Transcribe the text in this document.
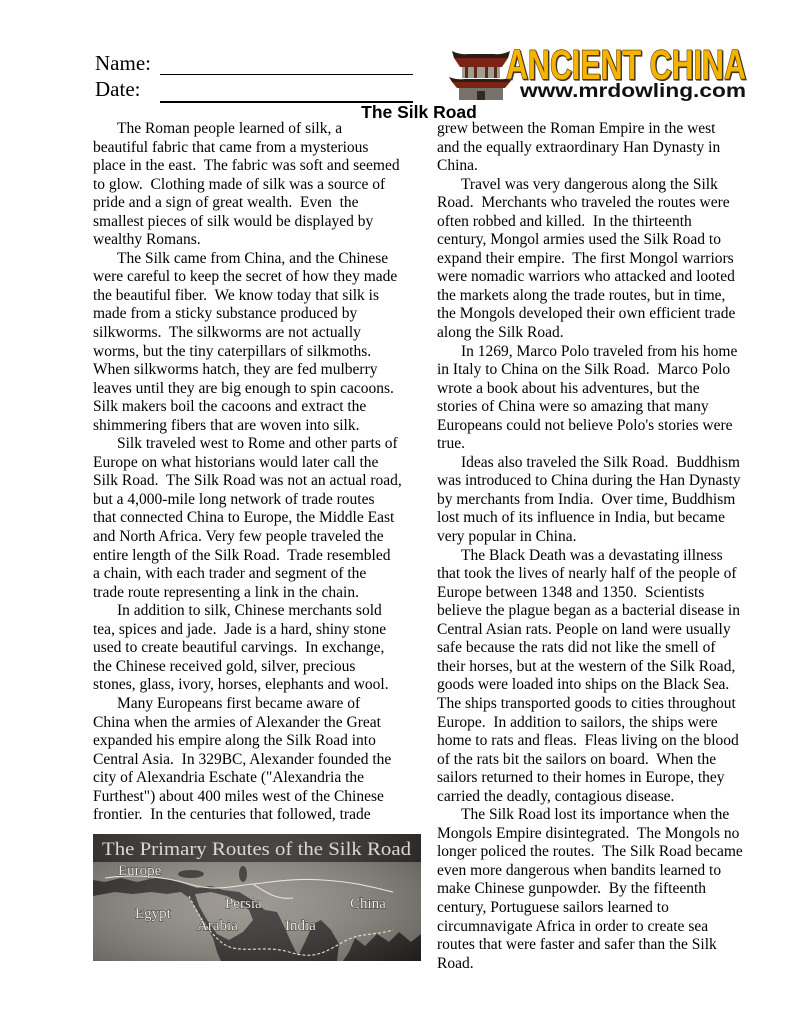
Name:
Date:
ANCIENT CHINA
www.mrdowling.com
The Silk Road
The Roman people learned of silk, a
beautiful fabric that came from a mysterious
place in the east.  The fabric was soft and seemed
to glow.  Clothing made of silk was a source of
pride and a sign of great wealth.  Even  the
smallest pieces of silk would be displayed by
wealthy Romans.
The Silk came from China, and the Chinese
were careful to keep the secret of how they made
the beautiful fiber.  We know today that silk is
made from a sticky substance produced by
silkworms.  The silkworms are not actually
worms, but the tiny caterpillars of silkmoths.
When silkworms hatch, they are fed mulberry
leaves until they are big enough to spin cacoons.
Silk makers boil the cacoons and extract the
shimmering fibers that are woven into silk.
Silk traveled west to Rome and other parts of
Europe on what historians would later call the
Silk Road.  The Silk Road was not an actual road,
but a 4,000-mile long network of trade routes
that connected China to Europe, the Middle East
and North Africa. Very few people traveled the
entire length of the Silk Road.  Trade resembled
a chain, with each trader and segment of the
trade route representing a link in the chain.
In addition to silk, Chinese merchants sold
tea, spices and jade.  Jade is a hard, shiny stone
used to create beautiful carvings.  In exchange,
the Chinese received gold, silver, precious
stones, glass, ivory, horses, elephants and wool.
Many Europeans first became aware of
China when the armies of Alexander the Great
expanded his empire along the Silk Road into
Central Asia.  In 329BC, Alexander founded the
city of Alexandria Eschate ("Alexandria the
Furthest") about 400 miles west of the Chinese
frontier.  In the centuries that followed, trade
grew between the Roman Empire in the west
and the equally extraordinary Han Dynasty in
China.
Travel was very dangerous along the Silk
Road.  Merchants who traveled the routes were
often robbed and killed.  In the thirteenth
century, Mongol armies used the Silk Road to
expand their empire.  The first Mongol warriors
were nomadic warriors who attacked and looted
the markets along the trade routes, but in time,
the Mongols developed their own efficient trade
along the Silk Road.
In 1269, Marco Polo traveled from his home
in Italy to China on the Silk Road.  Marco Polo
wrote a book about his adventures, but the
stories of China were so amazing that many
Europeans could not believe Polo's stories were
true.
Ideas also traveled the Silk Road.  Buddhism
was introduced to China during the Han Dynasty
by merchants from India.  Over time, Buddhism
lost much of its influence in India, but became
very popular in China.
The Black Death was a devastating illness
that took the lives of nearly half of the people of
Europe between 1348 and 1350.  Scientists
believe the plague began as a bacterial disease in
Central Asian rats. People on land were usually
safe because the rats did not like the smell of
their horses, but at the western of the Silk Road,
goods were loaded into ships on the Black Sea.
The ships transported goods to cities throughout
Europe.  In addition to sailors, the ships were
home to rats and fleas.  Fleas living on the blood
of the rats bit the sailors on board.  When the
sailors returned to their homes in Europe, they
carried the deadly, contagious disease.
The Silk Road lost its importance when the
Mongols Empire disintegrated.  The Mongols no
longer policed the routes.  The Silk Road became
even more dangerous when bandits learned to
make Chinese gunpowder.  By the fifteenth
century, Portuguese sailors learned to
circumnavigate Africa in order to create sea
routes that were faster and safer than the Silk
Road.
The Primary Routes of the Silk Road
Europe
Egypt
Persia
Arabia	India
China
